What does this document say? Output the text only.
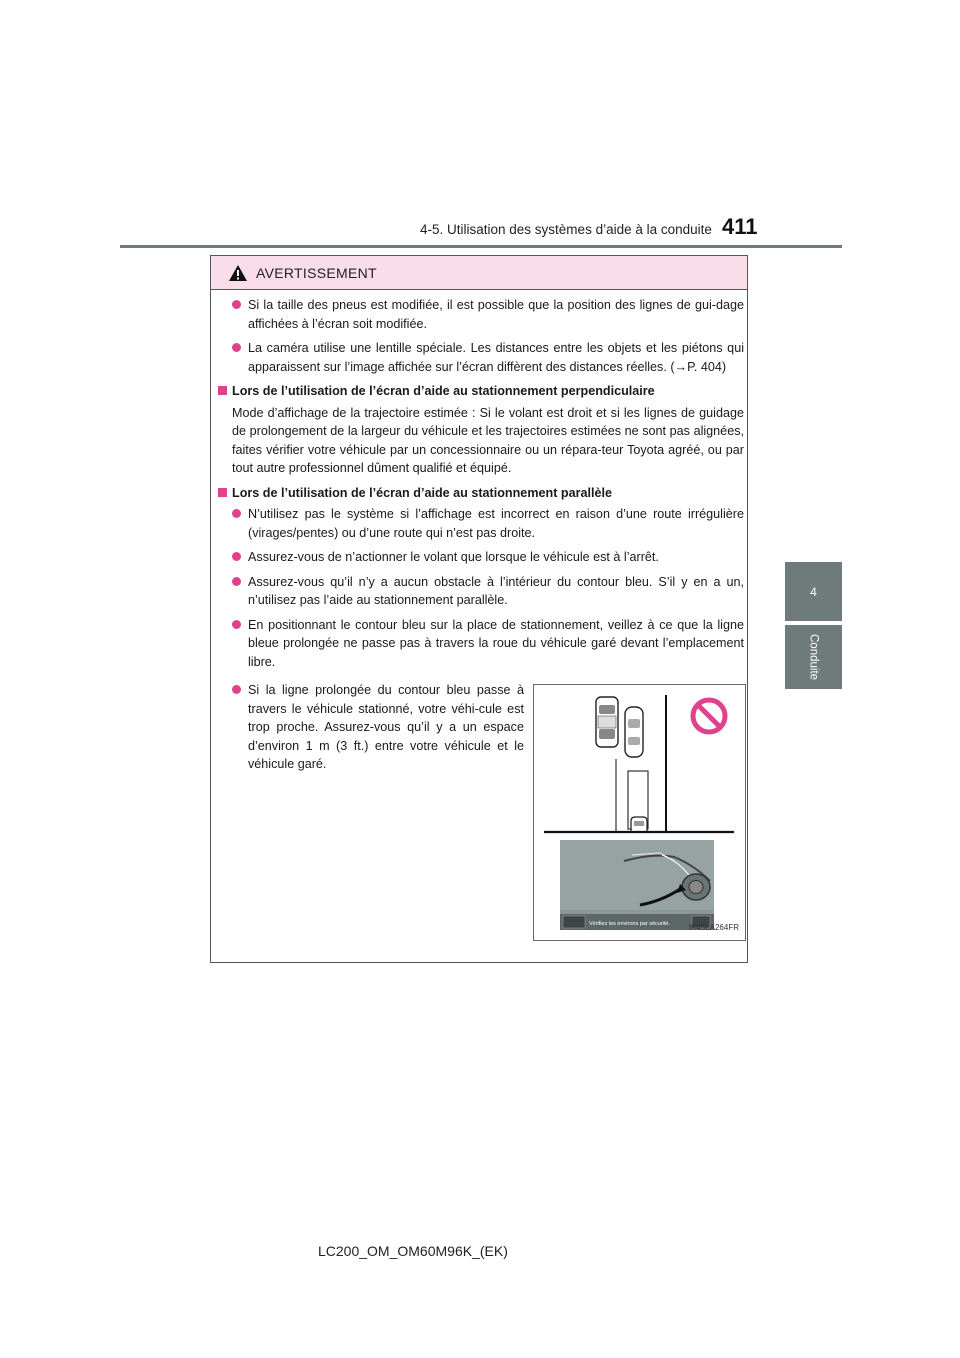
4-5. Utilisation des systèmes d’aide à la conduite 411
4
Conduite
AVERTISSEMENT
Si la taille des pneus est modifiée, il est possible que la position des lignes de gui-dage affichées à l’écran soit modifiée.
La caméra utilise une lentille spéciale. Les distances entre les objets et les piétons qui apparaissent sur l’image affichée sur l’écran diffèrent des distances réelles. (→P. 404)
Lors de l’utilisation de l’écran d’aide au stationnement perpendiculaire
Mode d’affichage de la trajectoire estimée : Si le volant est droit et si les lignes de guidage de prolongement de la largeur du véhicule et les trajectoires estimées ne sont pas alignées, faites vérifier votre véhicule par un concessionnaire ou un répara-teur Toyota agréé, ou par tout autre professionnel dûment qualifié et équipé.
Lors de l’utilisation de l’écran d’aide au stationnement parallèle
N’utilisez pas le système si l’affichage est incorrect en raison d’une route irrégulière (virages/pentes) ou d’une route qui n’est pas droite.
Assurez-vous de n’actionner le volant que lorsque le véhicule est à l’arrêt.
Assurez-vous qu’il n’y a aucun obstacle à l’intérieur du contour bleu. S’il y en a un, n’utilisez pas l’aide au stationnement parallèle.
En positionnant le contour bleu sur la place de stationnement, veillez à ce que la ligne bleue prolongée ne passe pas à travers la roue du véhicule garé devant l’emplacement libre.
Si la ligne prolongée du contour bleu passe à travers le véhicule stationné, votre véhi-cule est trop proche. Assurez-vous qu’il y a un espace d’environ 1 m (3 ft.) entre votre véhicule et le véhicule garé.
Vérifiez les environs par sécurité. IK45LA264FR
LC200_OM_OM60M96K_(EK)
